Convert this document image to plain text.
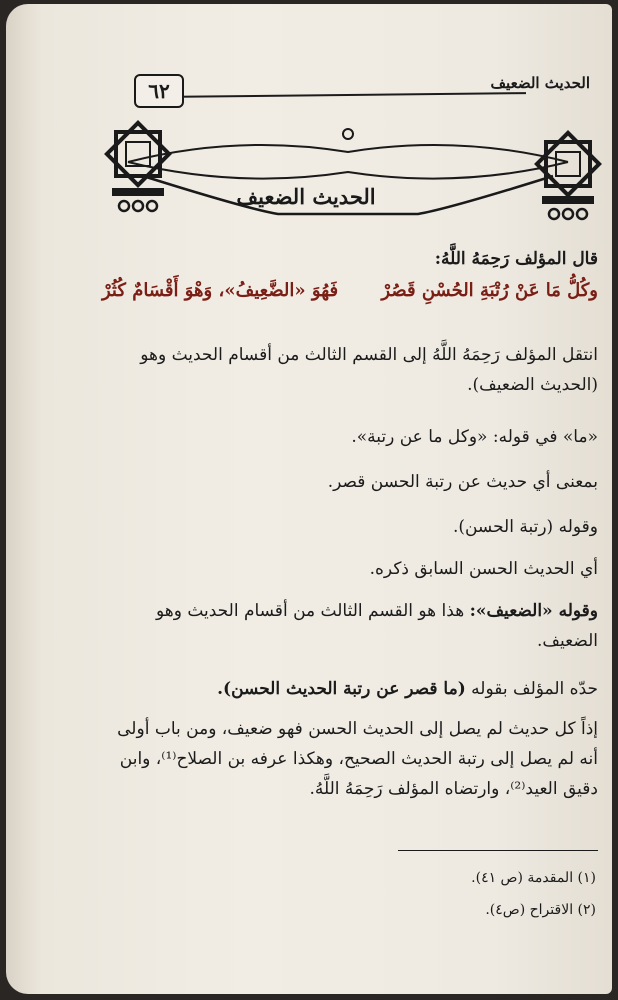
٦٢	الحديث الضعيف
الحديث الضعيف
قال المؤلف رَحِمَهُ اللَّهُ:
وكُلُّ مَا عَنْ رُتْبَةِ الحُسْنِ قَصُرْ
فَهُوَ «الضَّعِيفُ»، وَهْوَ أَقْسَامٌ كُثُرْ
انتقل المؤلف رَحِمَهُ اللَّهُ إلى القسم الثالث من أقسام الحديث وهو (الحديث الضعيف).
«ما» في قوله: «وكل ما عن رتبة».
بمعنى أي حديث عن رتبة الحسن قصر.
وقوله (رتبة الحسن).
أي الحديث الحسن السابق ذكره.
وقوله «الضعيف»: هذا هو القسم الثالث من أقسام الحديث وهو الضعيف.
حدّه المؤلف بقوله (ما قصر عن رتبة الحديث الحسن).
إذاً كل حديث لم يصل إلى الحديث الحسن فهو ضعيف، ومن باب أولى أنه لم يصل إلى رتبة الحديث الصحيح، وهكذا عرفه بن الصلاح⁽¹⁾، وابن دقيق العيد⁽²⁾، وارتضاه المؤلف رَحِمَهُ اللَّهُ.
(١) المقدمة (ص ٤١).
(٢) الاقتراح (ص٤).
